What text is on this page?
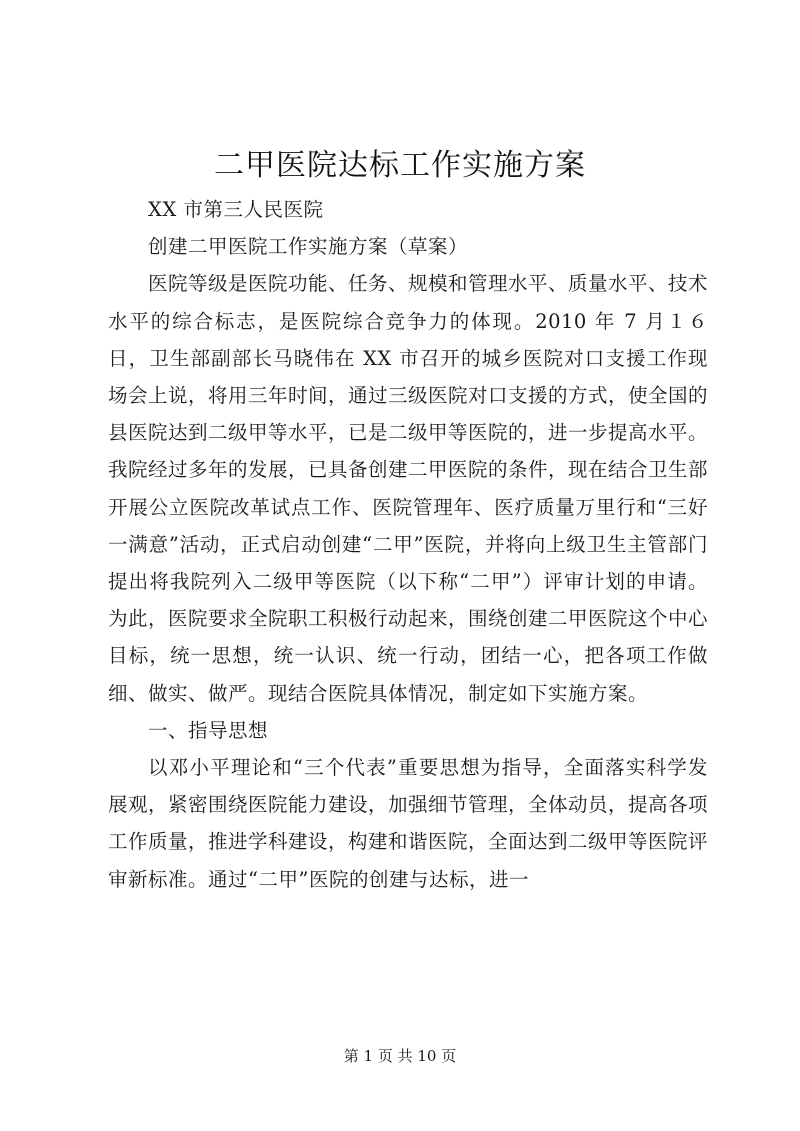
二甲医院达标工作实施方案

XX 市第三人民医院

创建二甲医院工作实施方案（草案）

医院等级是医院功能、任务、规模和管理水平、质量水平、技术水平的综合标志，是医院综合竞争力的体现。2010 年 7 月１６日，卫生部副部长马晓伟在 XX 市召开的城乡医院对口支援工作现场会上说，将用三年时间，通过三级医院对口支援的方式，使全国的县医院达到二级甲等水平，已是二级甲等医院的，进一步提高水平。我院经过多年的发展，已具备创建二甲医院的条件，现在结合卫生部开展公立医院改革试点工作、医院管理年、医疗质量万里行和“三好一满意”活动，正式启动创建“二甲”医院，并将向上级卫生主管部门提出将我院列入二级甲等医院（以下称“二甲”）评审计划的申请。为此，医院要求全院职工积极行动起来，围绕创建二甲医院这个中心目标，统一思想，统一认识、统一行动，团结一心，把各项工作做细、做实、做严。现结合医院具体情况，制定如下实施方案。

一、指导思想

以邓小平理论和“三个代表”重要思想为指导，全面落实科学发展观，紧密围绕医院能力建设，加强细节管理，全体动员，提高各项工作质量，推进学科建设，构建和谐医院，全面达到二级甲等医院评审新标准。通过“二甲”医院的创建与达标，进一

第 1 页 共 10 页
